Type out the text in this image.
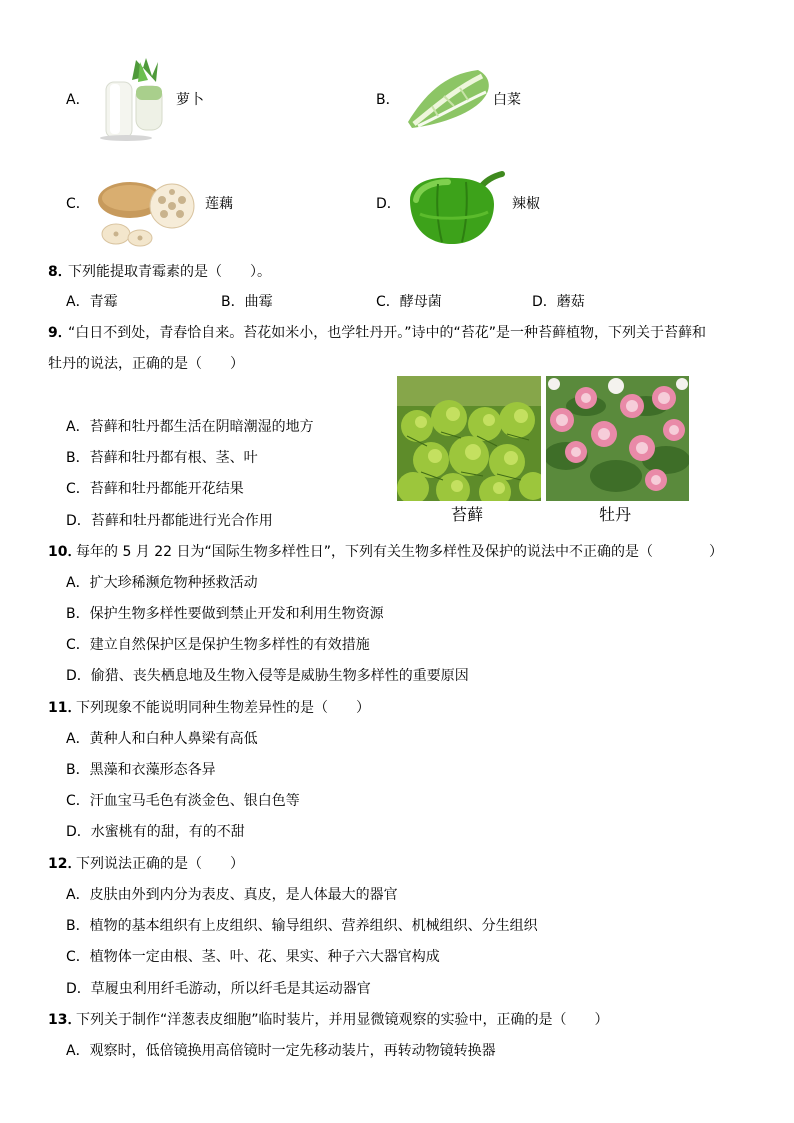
A．	萝卜	B．	白菜
C．	莲藕	D．	辣椒
8．
下列能提取青霉素的是（　　）。
A．青霉	B．曲霉	C．酵母菌	D．蘑菇
9．
“白日不到处，青春恰自来。苔花如米小，也学牡丹开。”诗中的“苔花”是一种苔藓植物，下列关于苔藓和
牡丹的说法，正确的是（　　）
A．苔藓和牡丹都生活在阴暗潮湿的地方
B．苔藓和牡丹都有根、茎、叶
C．苔藓和牡丹都能开花结果
D．苔藓和牡丹都能进行光合作用	苔藓	牡丹
10．
每年的 5 月 22 日为“国际生物多样性日”，下列有关生物多样性及保护的说法中不正确的是（　　　　）
A．扩大珍稀濒危物种拯救活动
B．保护生物多样性要做到禁止开发和利用生物资源
C．建立自然保护区是保护生物多样性的有效措施
D．偷猎、丧失栖息地及生物入侵等是威胁生物多样性的重要原因
11．
下列现象不能说明同种生物差异性的是（　　）
A．黄种人和白种人鼻梁有高低
B．黑藻和衣藻形态各异
C．汗血宝马毛色有淡金色、银白色等
D．水蜜桃有的甜，有的不甜
12．
下列说法正确的是（　　）
A．皮肤由外到内分为表皮、真皮，是人体最大的器官
B．植物的基本组织有上皮组织、输导组织、营养组织、机械组织、分生组织
C．植物体一定由根、茎、叶、花、果实、种子六大器官构成
D．草履虫利用纤毛游动，所以纤毛是其运动器官
13．
下列关于制作“洋葱表皮细胞”临时装片，并用显微镜观察的实验中，正确的是（　　）
A．观察时，低倍镜换用高倍镜时一定先移动装片，再转动物镜转换器
